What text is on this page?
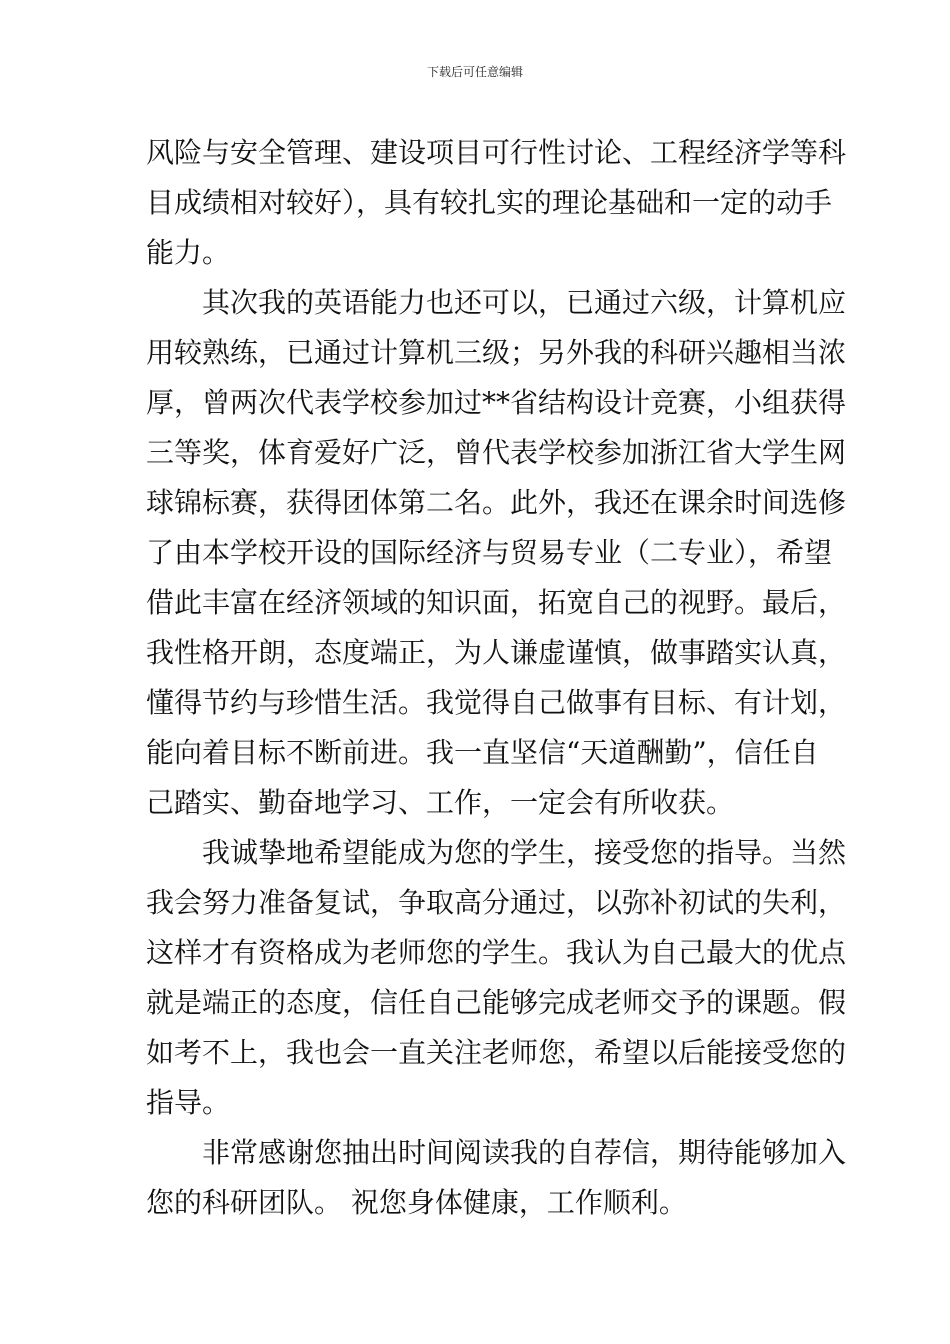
下载后可任意编辑
风险与安全管理、建设项目可行性讨论、工程经济学等科
目成绩相对较好），具有较扎实的理论基础和一定的动手
能力。
其次我的英语能力也还可以，已通过六级，计算机应
用较熟练，已通过计算机三级；另外我的科研兴趣相当浓
厚，曾两次代表学校参加过**省结构设计竞赛，小组获得
三等奖，体育爱好广泛，曾代表学校参加浙江省大学生网
球锦标赛，获得团体第二名。此外，我还在课余时间选修
了由本学校开设的国际经济与贸易专业（二专业），希望
借此丰富在经济领域的知识面，拓宽自己的视野。最后，
我性格开朗，态度端正，为人谦虚谨慎，做事踏实认真，
懂得节约与珍惜生活。我觉得自己做事有目标、有计划，
能向着目标不断前进。我一直坚信“天道酬勤”，信任自
己踏实、勤奋地学习、工作，一定会有所收获。
我诚挚地希望能成为您的学生，接受您的指导。当然
我会努力准备复试，争取高分通过，以弥补初试的失利，
这样才有资格成为老师您的学生。我认为自己最大的优点
就是端正的态度，信任自己能够完成老师交予的课题。假
如考不上，我也会一直关注老师您，希望以后能接受您的
指导。
非常感谢您抽出时间阅读我的自荐信，期待能够加入
您的科研团队。 祝您身体健康，工作顺利。
